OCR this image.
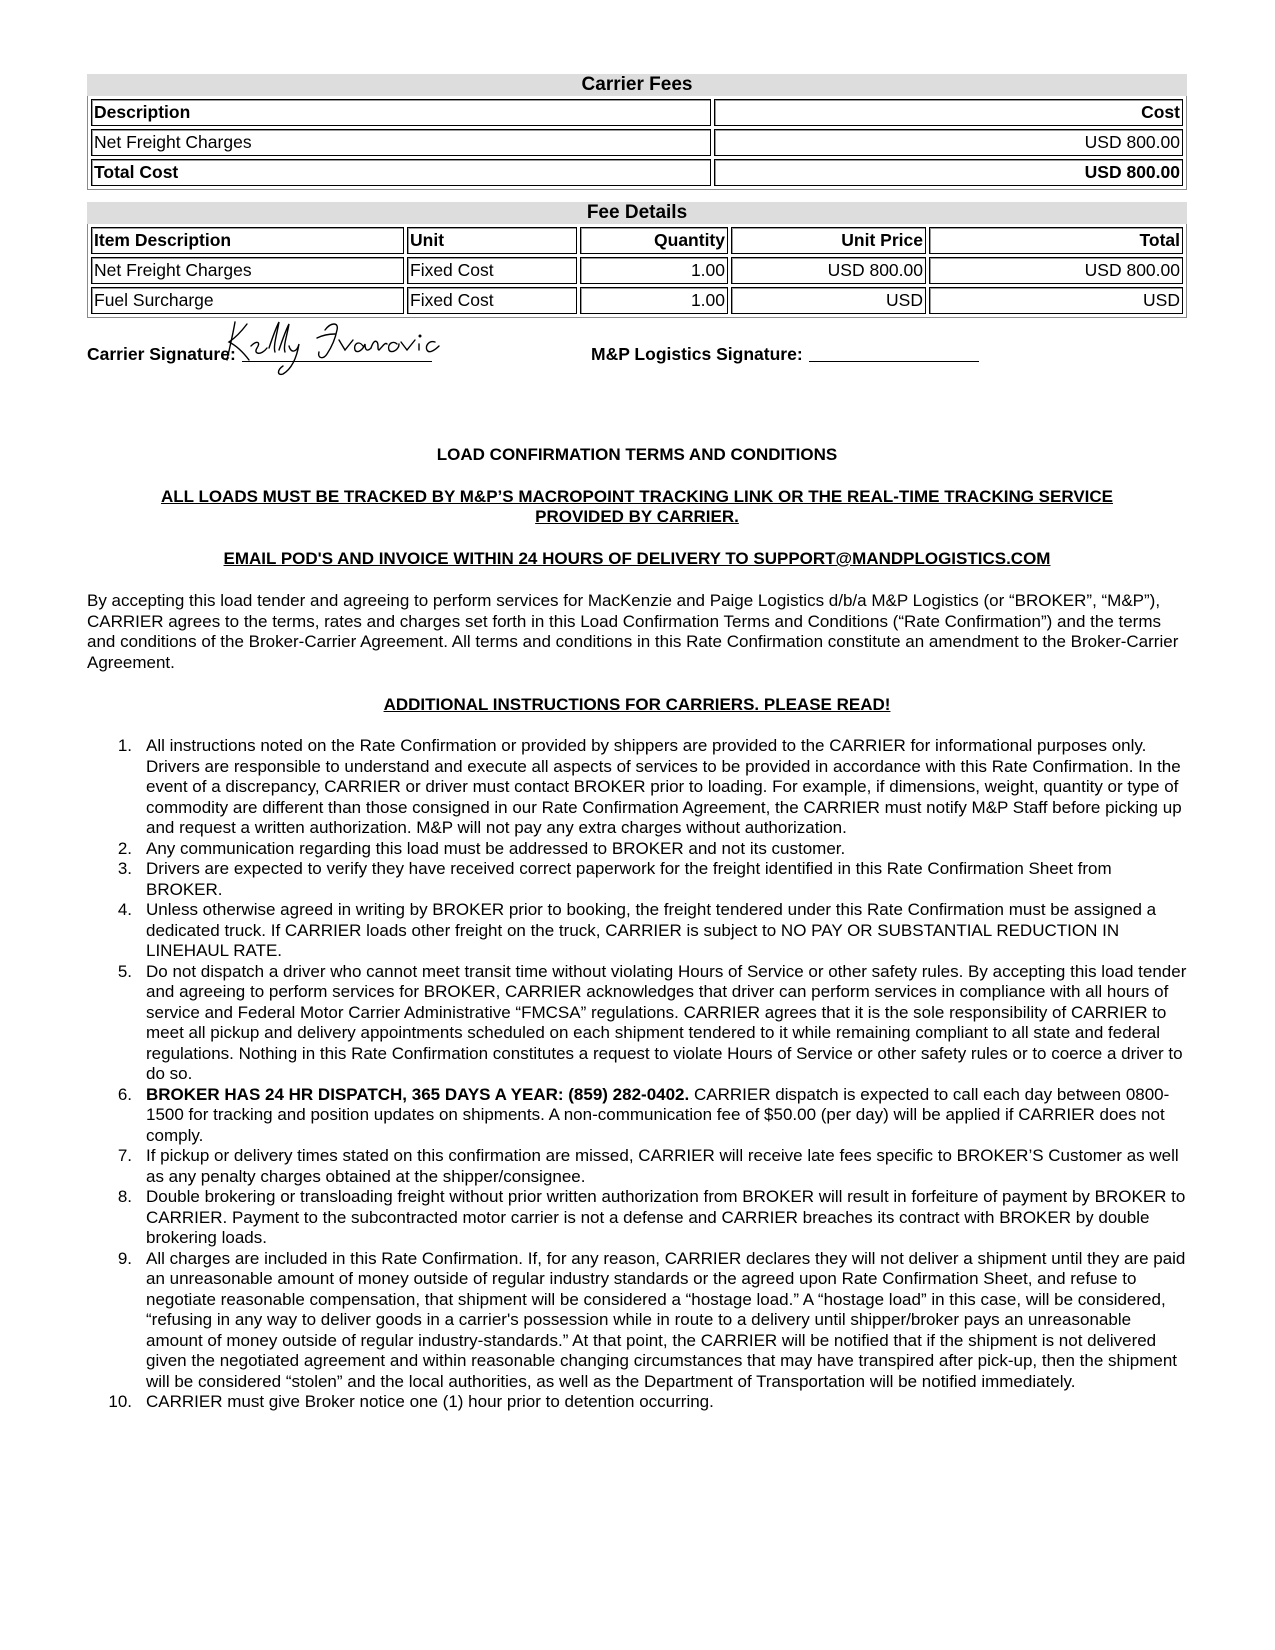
Carrier Fees
Description	Cost
Net Freight Charges	USD 800.00
Total Cost	USD 800.00
Fee Details
Item Description	Unit	Quantity	Unit Price	Total
Net Freight Charges	Fixed Cost	1.00	USD 800.00	USD 800.00
Fuel Surcharge	Fixed Cost	1.00	USD	USD
Carrier Signature:	M&P Logistics Signature:

LOAD CONFIRMATION TERMS AND CONDITIONS

ALL LOADS MUST BE TRACKED BY M&P’S MACROPOINT TRACKING LINK OR THE REAL-TIME TRACKING SERVICE PROVIDED BY CARRIER.

EMAIL POD'S AND INVOICE WITHIN 24 HOURS OF DELIVERY TO SUPPORT@MANDPLOGISTICS.COM

By accepting this load tender and agreeing to perform services for MacKenzie and Paige Logistics d/b/a M&P Logistics (or “BROKER”, “M&P”), CARRIER agrees to the terms, rates and charges set forth in this Load Confirmation Terms and Conditions (“Rate Confirmation”) and the terms and conditions of the Broker-Carrier Agreement. All terms and conditions in this Rate Confirmation constitute an amendment to the Broker-Carrier Agreement.

ADDITIONAL INSTRUCTIONS FOR CARRIERS. PLEASE READ!

1. All instructions noted on the Rate Confirmation or provided by shippers are provided to the CARRIER for informational purposes only. Drivers are responsible to understand and execute all aspects of services to be provided in accordance with this Rate Confirmation. In the event of a discrepancy, CARRIER or driver must contact BROKER prior to loading. For example, if dimensions, weight, quantity or type of commodity are different than those consigned in our Rate Confirmation Agreement, the CARRIER must notify M&P Staff before picking up and request a written authorization. M&P will not pay any extra charges without authorization.
2. Any communication regarding this load must be addressed to BROKER and not its customer.
3. Drivers are expected to verify they have received correct paperwork for the freight identified in this Rate Confirmation Sheet from BROKER.
4. Unless otherwise agreed in writing by BROKER prior to booking, the freight tendered under this Rate Confirmation must be assigned a dedicated truck. If CARRIER loads other freight on the truck, CARRIER is subject to NO PAY OR SUBSTANTIAL REDUCTION IN LINEHAUL RATE.
5. Do not dispatch a driver who cannot meet transit time without violating Hours of Service or other safety rules. By accepting this load tender and agreeing to perform services for BROKER, CARRIER acknowledges that driver can perform services in compliance with all hours of service and Federal Motor Carrier Administrative “FMCSA” regulations. CARRIER agrees that it is the sole responsibility of CARRIER to meet all pickup and delivery appointments scheduled on each shipment tendered to it while remaining compliant to all state and federal regulations. Nothing in this Rate Confirmation constitutes a request to violate Hours of Service or other safety rules or to coerce a driver to do so.
6. BROKER HAS 24 HR DISPATCH, 365 DAYS A YEAR: (859) 282-0402. CARRIER dispatch is expected to call each day between 0800-1500 for tracking and position updates on shipments. A non-communication fee of $50.00 (per day) will be applied if CARRIER does not comply.
7. If pickup or delivery times stated on this confirmation are missed, CARRIER will receive late fees specific to BROKER’S Customer as well as any penalty charges obtained at the shipper/consignee.
8. Double brokering or transloading freight without prior written authorization from BROKER will result in forfeiture of payment by BROKER to CARRIER. Payment to the subcontracted motor carrier is not a defense and CARRIER breaches its contract with BROKER by double brokering loads.
9. All charges are included in this Rate Confirmation. If, for any reason, CARRIER declares they will not deliver a shipment until they are paid an unreasonable amount of money outside of regular industry standards or the agreed upon Rate Confirmation Sheet, and refuse to negotiate reasonable compensation, that shipment will be considered a “hostage load.” A “hostage load” in this case, will be considered, “refusing in any way to deliver goods in a carrier's possession while in route to a delivery until shipper/broker pays an unreasonable amount of money outside of regular industry-standards.” At that point, the CARRIER will be notified that if the shipment is not delivered given the negotiated agreement and within reasonable changing circumstances that may have transpired after pick-up, then the shipment will be considered “stolen” and the local authorities, as well as the Department of Transportation will be notified immediately.
10. CARRIER must give Broker notice one (1) hour prior to detention occurring.
